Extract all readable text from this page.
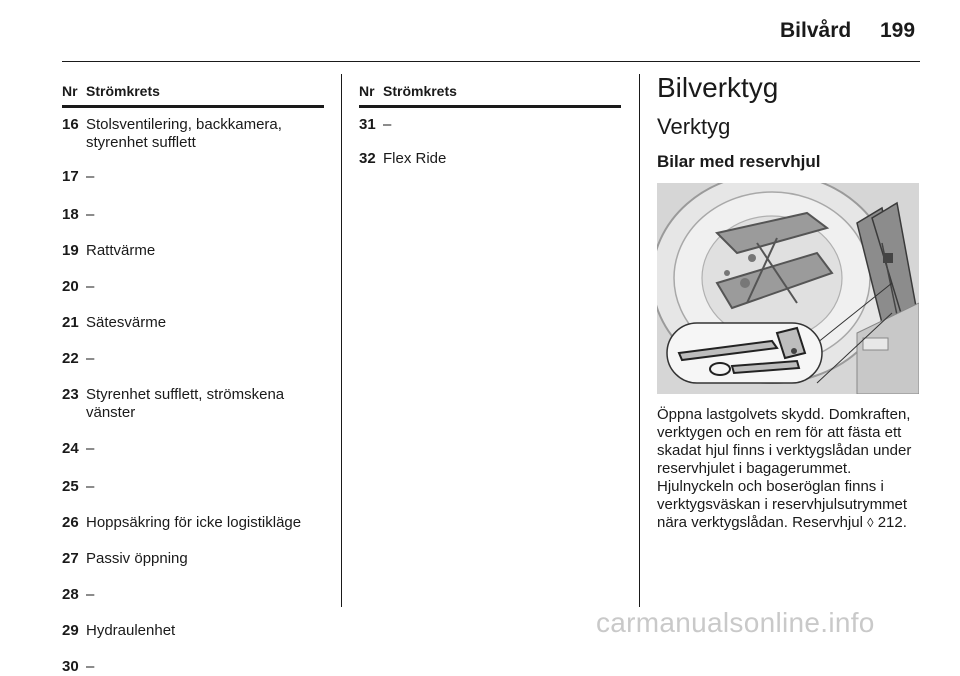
Bilvård 199
Nr Strömkrets
16 Stolsventilering, backkamera, styrenhet sufflett
17 –
18 –
19 Rattvärme
20 –
21 Sätesvärme
22 –
23 Styrenhet sufflett, strömskena vänster
24 –
25 –
26 Hoppsäkring för icke logistikläge
27 Passiv öppning
28 –
29 Hydraulenhet
30 –
Nr Strömkrets
31 –
32 Flex Ride
Bilverktyg
Verktyg
Bilar med reservhjul
Öppna lastgolvets skydd. Domkraften, verktygen och en rem för att fästa ett skadat hjul finns i verktygslådan under reservhjulet i bagagerummet. Hjulnyckeln och boseröglan finns i verktygsväskan i reservhjulsutrymmet nära verktygslådan. Reservhjul ◊ 212.
carmanualsonline.info
